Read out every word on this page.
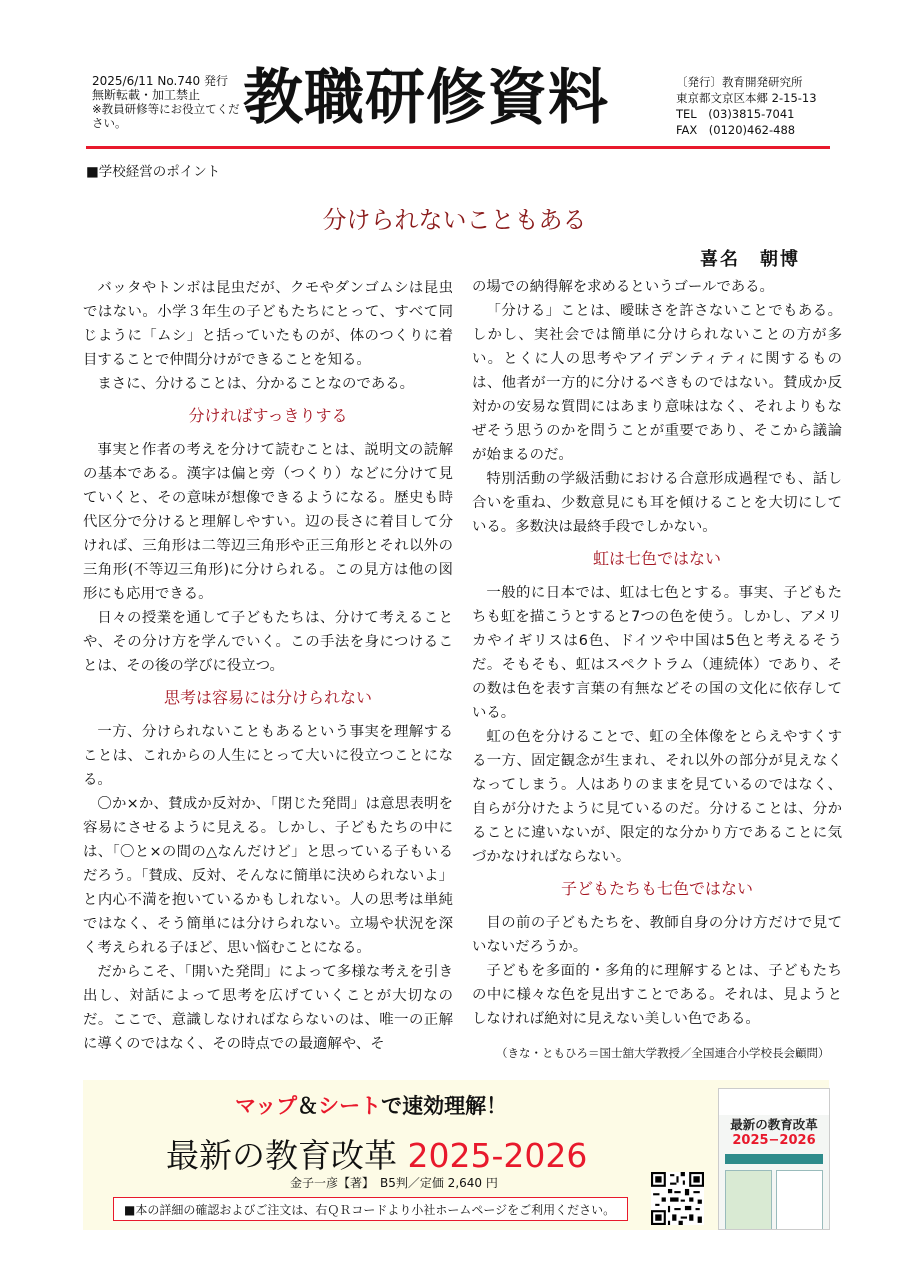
2025/6/11 No.740 発行
無断転載・加工禁止
※教員研修等にお役立てください。	教職研修資料	〔発行〕教育開発研究所
東京都文京区本郷 2-15-13
TEL　(03)3815-7041
FAX　(0120)462-488
■学校経営のポイント
分けられないこともある
喜名　朝博

バッタやトンボは昆虫だが、クモやダンゴムシは昆虫ではない。小学３年生の子どもたちにとって、すべて同じように「ムシ」と括っていたものが、体のつくりに着目することで仲間分けができることを知る。

まさに、分けることは、分かることなのである。

分ければすっきりする

事実と作者の考えを分けて読むことは、説明文の読解の基本である。漢字は偏と旁（つくり）などに分けて見ていくと、その意味が想像できるようになる。歴史も時代区分で分けると理解しやすい。辺の長さに着目して分ければ、三角形は二等辺三角形や正三角形とそれ以外の三角形(不等辺三角形)に分けられる。この見方は他の図形にも応用できる。

日々の授業を通して子どもたちは、分けて考えることや、その分け方を学んでいく。この手法を身につけることは、その後の学びに役立つ。

思考は容易には分けられない

一方、分けられないこともあるという事実を理解することは、これからの人生にとって大いに役立つことになる。

〇か×か、賛成か反対か、「閉じた発問」は意思表明を容易にさせるように見える。しかし、子どもたちの中には、「〇と×の間の△なんだけど」と思っている子もいるだろう。「賛成、反対、そんなに簡単に決められないよ」と内心不満を抱いているかもしれない。人の思考は単純ではなく、そう簡単には分けられない。立場や状況を深く考えられる子ほど、思い悩むことになる。

だからこそ、「開いた発問」によって多様な考えを引き出し、対話によって思考を広げていくことが大切なのだ。ここで、意識しなければならないのは、唯一の正解に導くのではなく、その時点での最適解や、そ

の場での納得解を求めるというゴールである。

「分ける」ことは、曖昧さを許さないことでもある。しかし、実社会では簡単に分けられないことの方が多い。とくに人の思考やアイデンティティに関するものは、他者が一方的に分けるべきものではない。賛成か反対かの安易な質問にはあまり意味はなく、それよりもなぜそう思うのかを問うことが重要であり、そこから議論が始まるのだ。

特別活動の学級活動における合意形成過程でも、話し合いを重ね、少数意見にも耳を傾けることを大切にしている。多数決は最終手段でしかない。

虹は七色ではない

一般的に日本では、虹は七色とする。事実、子どもたちも虹を描こうとすると7つの色を使う。しかし、アメリカやイギリスは6色、ドイツや中国は5色と考えるそうだ。そもそも、虹はスペクトラム（連続体）であり、その数は色を表す言葉の有無などその国の文化に依存している。

虹の色を分けることで、虹の全体像をとらえやすくする一方、固定観念が生まれ、それ以外の部分が見えなくなってしまう。人はありのままを見ているのではなく、自らが分けたように見ているのだ。分けることは、分かることに違いないが、限定的な分かり方であることに気づかなければならない。

子どもたちも七色ではない

目の前の子どもたちを、教師自身の分け方だけで見ていないだろうか。

子どもを多面的・多角的に理解するとは、子どもたちの中に様々な色を見出すことである。それは、見ようとしなければ絶対に見えない美しい色である。

（きな・ともひろ＝国士舘大学教授／全国連合小学校長会顧問）
マップ＆シートで速効理解！
最新の教育改革 2025-2026
金子一彦【著】　B5判／定価 2,640 円
■本の詳細の確認およびご注文は、右ＱＲコードより小社ホームページをご利用ください。
最新の教育改革
2025−2026
